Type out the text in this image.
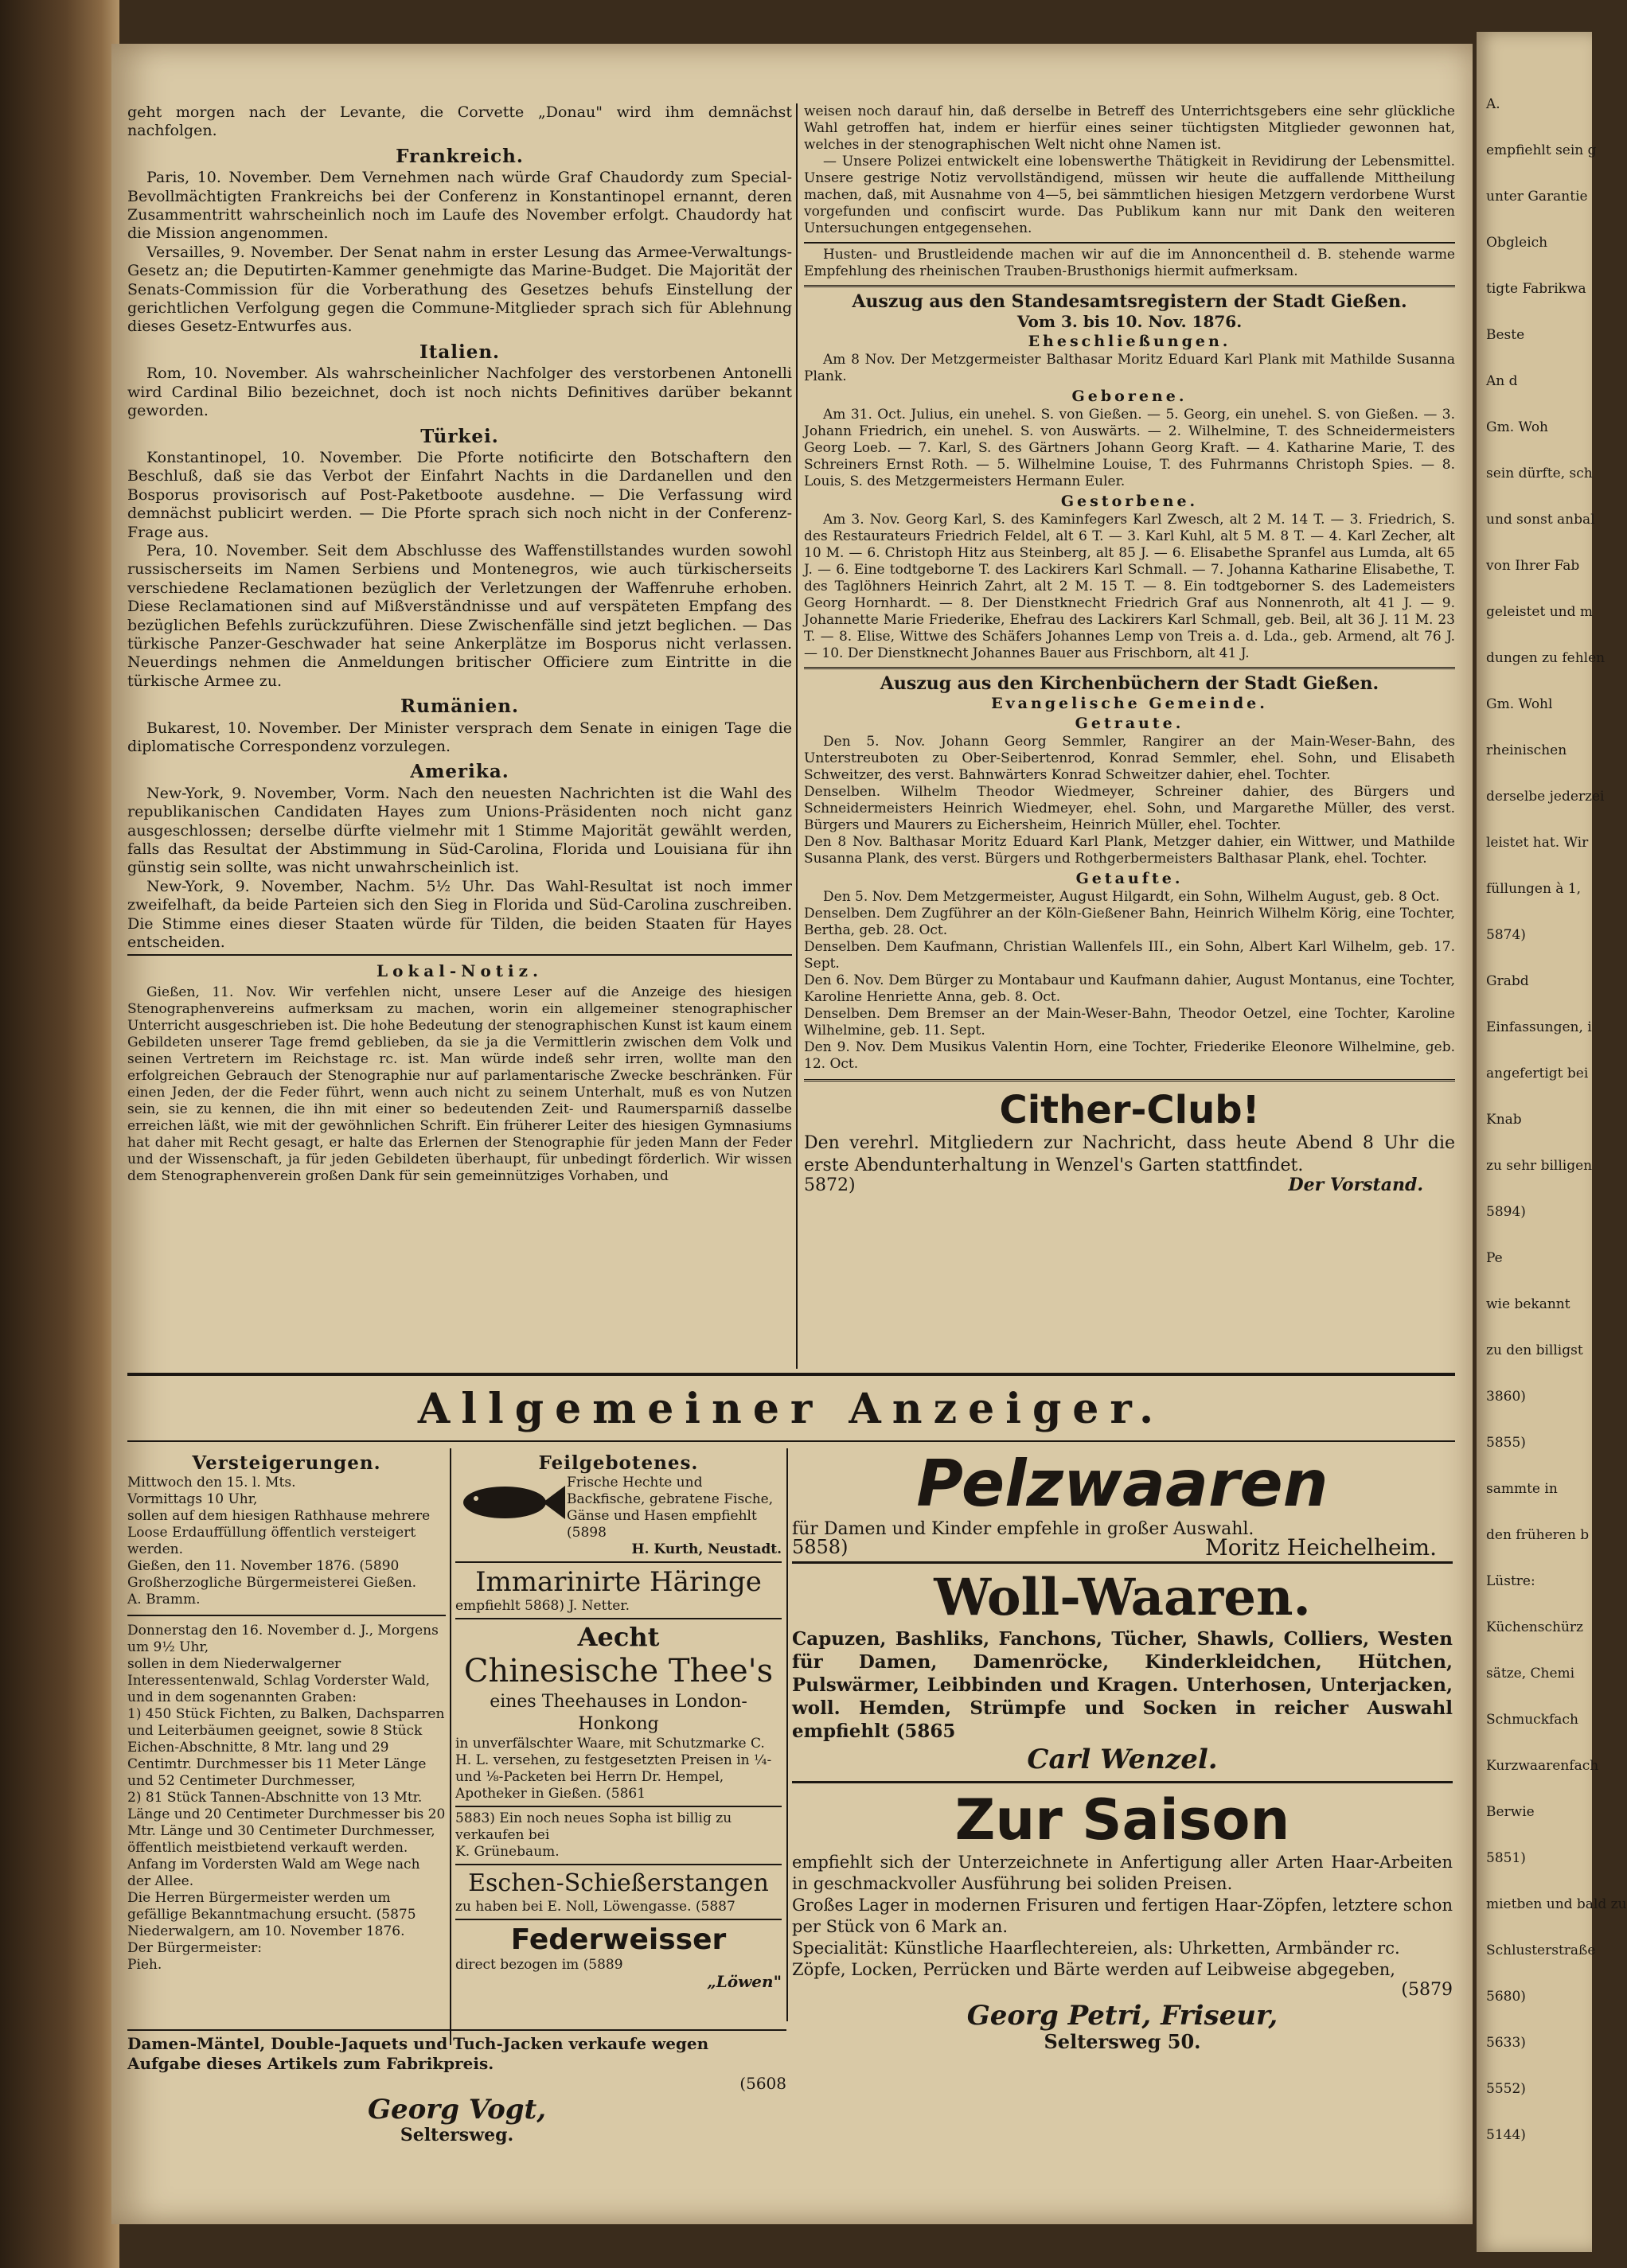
A.
empfiehlt sein g
unter Garantie
Obgleich
tigte Fabrikwa
Beste
An d
Gm. Woh
sein dürfte, sch
und sonst anbal
von Ihrer Fab
geleistet und m
dungen zu fehlen
Gm. Wohl
rheinischen
derselbe jederzei
leistet hat. Wir
füllungen à 1,
5874)
Grabd
Einfassungen, i
angefertigt bei
Knab
zu sehr billigen
5894)
Pe
wie bekannt
zu den billigst
3860)
5855)
sammte in
den früheren b
Lüstre:
Küchenschürz
sätze, Chemi
Schmuckfach
Kurzwaarenfach
Berwie
5851)
mietben und bald zu
Schlusterstraße
5680)
5633)
5552)
5144)

geht morgen nach der Levante, die Corvette „Donau" wird ihm demnächst nachfolgen.

Frankreich.

Paris, 10. November. Dem Vernehmen nach würde Graf Chaudordy zum Special-Bevollmächtigten Frankreichs bei der Conferenz in Konstantinopel ernannt, deren Zusammentritt wahrscheinlich noch im Laufe des November erfolgt. Chaudordy hat die Mission angenommen.

Versailles, 9. November. Der Senat nahm in erster Lesung das Armee-Verwaltungs-Gesetz an; die Deputirten-Kammer genehmigte das Marine-Budget. Die Majorität der Senats-Commission für die Vorberathung des Gesetzes behufs Einstellung der gerichtlichen Verfolgung gegen die Commune-Mitglieder sprach sich für Ablehnung dieses Gesetz-Entwurfes aus.

Italien.

Rom, 10. November. Als wahrscheinlicher Nachfolger des verstorbenen Antonelli wird Cardinal Bilio bezeichnet, doch ist noch nichts Definitives darüber bekannt geworden.

Türkei.

Konstantinopel, 10. November. Die Pforte notificirte den Botschaftern den Beschluß, daß sie das Verbot der Einfahrt Nachts in die Dardanellen und den Bosporus provisorisch auf Post-Paketboote ausdehne. — Die Verfassung wird demnächst publicirt werden. — Die Pforte sprach sich noch nicht in der Conferenz-Frage aus.

Pera, 10. November. Seit dem Abschlusse des Waffenstillstandes wurden sowohl russischerseits im Namen Serbiens und Montenegros, wie auch türkischerseits verschiedene Reclamationen bezüglich der Verletzungen der Waffenruhe erhoben. Diese Reclamationen sind auf Mißverständnisse und auf verspäteten Empfang des bezüglichen Befehls zurückzuführen. Diese Zwischenfälle sind jetzt beglichen. — Das türkische Panzer-Geschwader hat seine Ankerplätze im Bosporus nicht verlassen. Neuerdings nehmen die Anmeldungen britischer Officiere zum Eintritte in die türkische Armee zu.

Rumänien.

Bukarest, 10. November. Der Minister versprach dem Senate in einigen Tage die diplomatische Correspondenz vorzulegen.

Amerika.

New-York, 9. November, Vorm. Nach den neuesten Nachrichten ist die Wahl des republikanischen Candidaten Hayes zum Unions-Präsidenten noch nicht ganz ausgeschlossen; derselbe dürfte vielmehr mit 1 Stimme Majorität gewählt werden, falls das Resultat der Abstimmung in Süd-Carolina, Florida und Louisiana für ihn günstig sein sollte, was nicht unwahrscheinlich ist.

New-York, 9. November, Nachm. 5½ Uhr. Das Wahl-Resultat ist noch immer zweifelhaft, da beide Parteien sich den Sieg in Florida und Süd-Carolina zuschreiben. Die Stimme eines dieser Staaten würde für Tilden, die beiden Staaten für Hayes entscheiden.

Lokal-Notiz.

Gießen, 11. Nov. Wir verfehlen nicht, unsere Leser auf die Anzeige des hiesigen Stenographenvereins aufmerksam zu machen, worin ein allgemeiner stenographischer Unterricht ausgeschrieben ist. Die hohe Bedeutung der stenographischen Kunst ist kaum einem Gebildeten unserer Tage fremd geblieben, da sie ja die Vermittlerin zwischen dem Volk und seinen Vertretern im Reichstage rc. ist. Man würde indeß sehr irren, wollte man den erfolgreichen Gebrauch der Stenographie nur auf parlamentarische Zwecke beschränken. Für einen Jeden, der die Feder führt, wenn auch nicht zu seinem Unterhalt, muß es von Nutzen sein, sie zu kennen, die ihn mit einer so bedeutenden Zeit- und Raumersparniß dasselbe erreichen läßt, wie mit der gewöhnlichen Schrift. Ein früherer Leiter des hiesigen Gymnasiums hat daher mit Recht gesagt, er halte das Erlernen der Stenographie für jeden Mann der Feder und der Wissenschaft, ja für jeden Gebildeten überhaupt, für unbedingt förderlich. Wir wissen dem Stenographenverein großen Dank für sein gemeinnütziges Vorhaben, und

weisen noch darauf hin, daß derselbe in Betreff des Unterrichtsgebers eine sehr glückliche Wahl getroffen hat, indem er hierfür eines seiner tüchtigsten Mitglieder gewonnen hat, welches in der stenographischen Welt nicht ohne Namen ist.

— Unsere Polizei entwickelt eine lobenswerthe Thätigkeit in Revidirung der Lebensmittel. Unsere gestrige Notiz vervollständigend, müssen wir heute die auffallende Mittheilung machen, daß, mit Ausnahme von 4—5, bei sämmtlichen hiesigen Metzgern verdorbene Wurst vorgefunden und confiscirt wurde. Das Publikum kann nur mit Dank den weiteren Untersuchungen entgegensehen.

Husten- und Brustleidende machen wir auf die im Annoncentheil d. B. stehende warme Empfehlung des rheinischen Trauben-Brusthonigs hiermit aufmerksam.

Auszug aus den Standesamtsregistern der Stadt Gießen.
Vom 3. bis 10. Nov. 1876.
Eheschließungen.

Am 8 Nov. Der Metzgermeister Balthasar Moritz Eduard Karl Plank mit Mathilde Susanna Plank.

Geborene.

Am 31. Oct. Julius, ein unehel. S. von Gießen. — 5. Georg, ein unehel. S. von Gießen. — 3. Johann Friedrich, ein unehel. S. von Auswärts. — 2. Wilhelmine, T. des Schneidermeisters Georg Loeb. — 7. Karl, S. des Gärtners Johann Georg Kraft. — 4. Katharine Marie, T. des Schreiners Ernst Roth. — 5. Wilhelmine Louise, T. des Fuhrmanns Christoph Spies. — 8. Louis, S. des Metzgermeisters Hermann Euler.

Gestorbene.

Am 3. Nov. Georg Karl, S. des Kaminfegers Karl Zwesch, alt 2 M. 14 T. — 3. Friedrich, S. des Restaurateurs Friedrich Feldel, alt 6 T. — 3. Karl Kuhl, alt 5 M. 8 T. — 4. Karl Zecher, alt 10 M. — 6. Christoph Hitz aus Steinberg, alt 85 J. — 6. Elisabethe Spranfel aus Lumda, alt 65 J. — 6. Eine todtgeborne T. des Lackirers Karl Schmall. — 7. Johanna Katharine Elisabethe, T. des Taglöhners Heinrich Zahrt, alt 2 M. 15 T. — 8. Ein todtgeborner S. des Lademeisters Georg Hornhardt. — 8. Der Dienstknecht Friedrich Graf aus Nonnenroth, alt 41 J. — 9. Johannette Marie Friederike, Ehefrau des Lackirers Karl Schmall, geb. Beil, alt 36 J. 11 M. 23 T. — 8. Elise, Wittwe des Schäfers Johannes Lemp von Treis a. d. Lda., geb. Armend, alt 76 J. — 10. Der Dienstknecht Johannes Bauer aus Frischborn, alt 41 J.

Auszug aus den Kirchenbüchern der Stadt Gießen.
Evangelische Gemeinde.
Getraute.

Den 5. Nov. Johann Georg Semmler, Rangirer an der Main-Weser-Bahn, des Unterstreuboten zu Ober-Seibertenrod, Konrad Semmler, ehel. Sohn, und Elisabeth Schweitzer, des verst. Bahnwärters Konrad Schweitzer dahier, ehel. Tochter.
Denselben. Wilhelm Theodor Wiedmeyer, Schreiner dahier, des Bürgers und Schneidermeisters Heinrich Wiedmeyer, ehel. Sohn, und Margarethe Müller, des verst. Bürgers und Maurers zu Eichersheim, Heinrich Müller, ehel. Tochter.
Den 8 Nov. Balthasar Moritz Eduard Karl Plank, Metzger dahier, ein Wittwer, und Mathilde Susanna Plank, des verst. Bürgers und Rothgerbermeisters Balthasar Plank, ehel. Tochter.

Getaufte.

Den 5. Nov. Dem Metzgermeister, August Hilgardt, ein Sohn, Wilhelm August, geb. 8 Oct.
Denselben. Dem Zugführer an der Köln-Gießener Bahn, Heinrich Wilhelm Körig, eine Tochter, Bertha, geb. 28. Oct.
Denselben. Dem Kaufmann, Christian Wallenfels III., ein Sohn, Albert Karl Wilhelm, geb. 17. Sept.
Den 6. Nov. Dem Bürger zu Montabaur und Kaufmann dahier, August Montanus, eine Tochter, Karoline Henriette Anna, geb. 8. Oct.
Denselben. Dem Bremser an der Main-Weser-Bahn, Theodor Oetzel, eine Tochter, Karoline Wilhelmine, geb. 11. Sept.
Den 9. Nov. Dem Musikus Valentin Horn, eine Tochter, Friederike Eleonore Wilhelmine, geb. 12. Oct.

Cither-Club!
Den verehrl. Mitgliedern zur Nachricht, dass heute Abend 8 Uhr die erste Abendunterhaltung in Wenzel's Garten stattfindet.
5872)	Der Vorstand.
Allgemeiner Anzeiger.
Versteigerungen.
Mittwoch den 15. l. Mts.
Vormittags 10 Uhr,
sollen auf dem hiesigen Rathhause mehrere Loose Erdauffüllung öffentlich versteigert werden.
Gießen, den 11. November 1876. (5890
Großherzogliche Bürgermeisterei Gießen.
A. Bramm.
Donnerstag den 16. November d. J., Morgens um 9½ Uhr,
sollen in dem Niederwalgerner Interessentenwald, Schlag Vorderster Wald, und in dem sogenannten Graben:
1) 450 Stück Fichten, zu Balken, Dachsparren und Leiterbäumen geeignet, sowie 8 Stück Eichen-Abschnitte, 8 Mtr. lang und 29 Centimtr. Durchmesser bis 11 Meter Länge und 52 Centimeter Durchmesser,
2) 81 Stück Tannen-Abschnitte von 13 Mtr. Länge und 20 Centimeter Durchmesser bis 20 Mtr. Länge und 30 Centimeter Durchmesser,
öffentlich meistbietend verkauft werden. Anfang im Vordersten Wald am Wege nach der Allee.
Die Herren Bürgermeister werden um gefällige Bekanntmachung ersucht. (5875
Niederwalgern, am 10. November 1876.
Der Bürgermeister:
Pieh.
Feilgebotenes.
Frische Hechte und Backfische, gebratene Fische, Gänse und Hasen empfiehlt (5898
H. Kurth, Neustadt.
Immarinirte Häringe
empfiehlt 5868) J. Netter.
Aecht
Chinesische Thee's
eines Theehauses in London-Honkong
in unverfälschter Waare, mit Schutzmarke C. H. L. versehen, zu festgesetzten Preisen in ¼- und ⅛-Packeten bei Herrn Dr. Hempel, Apotheker in Gießen. (5861
5883) Ein noch neues Sopha ist billig zu verkaufen bei
K. Grünebaum.
Eschen-Schießerstangen
zu haben bei E. Noll, Löwengasse. (5887
Federweisser
direct bezogen im (5889
„Löwen"
Pelzwaaren
für Damen und Kinder empfehle in großer Auswahl.
5858)	Moritz Heichelheim.
Woll-Waaren.
Capuzen, Bashliks, Fanchons, Tücher, Shawls, Colliers, Westen für Damen, Damenröcke, Kinderkleidchen, Hütchen, Pulswärmer, Leibbinden und Kragen. Unterhosen, Unterjacken, woll. Hemden, Strümpfe und Socken in reicher Auswahl empfiehlt (5865
Carl Wenzel.
Zur Saison
empfiehlt sich der Unterzeichnete in Anfertigung aller Arten Haar-Arbeiten in geschmackvoller Ausführung bei soliden Preisen.
Großes Lager in modernen Frisuren und fertigen Haar-Zöpfen, letztere schon per Stück von 6 Mark an.
Specialität: Künstliche Haarflechtereien, als: Uhrketten, Armbänder rc.
Zöpfe, Locken, Perrücken und Bärte werden auf Leibweise abgegeben,
(5879
Georg Petri, Friseur,
Seltersweg 50.
Damen-Mäntel, Double-Jaquets und Tuch-Jacken verkaufe wegen Aufgabe dieses Artikels zum Fabrikpreis.
(5608
Georg Vogt,
Seltersweg.
